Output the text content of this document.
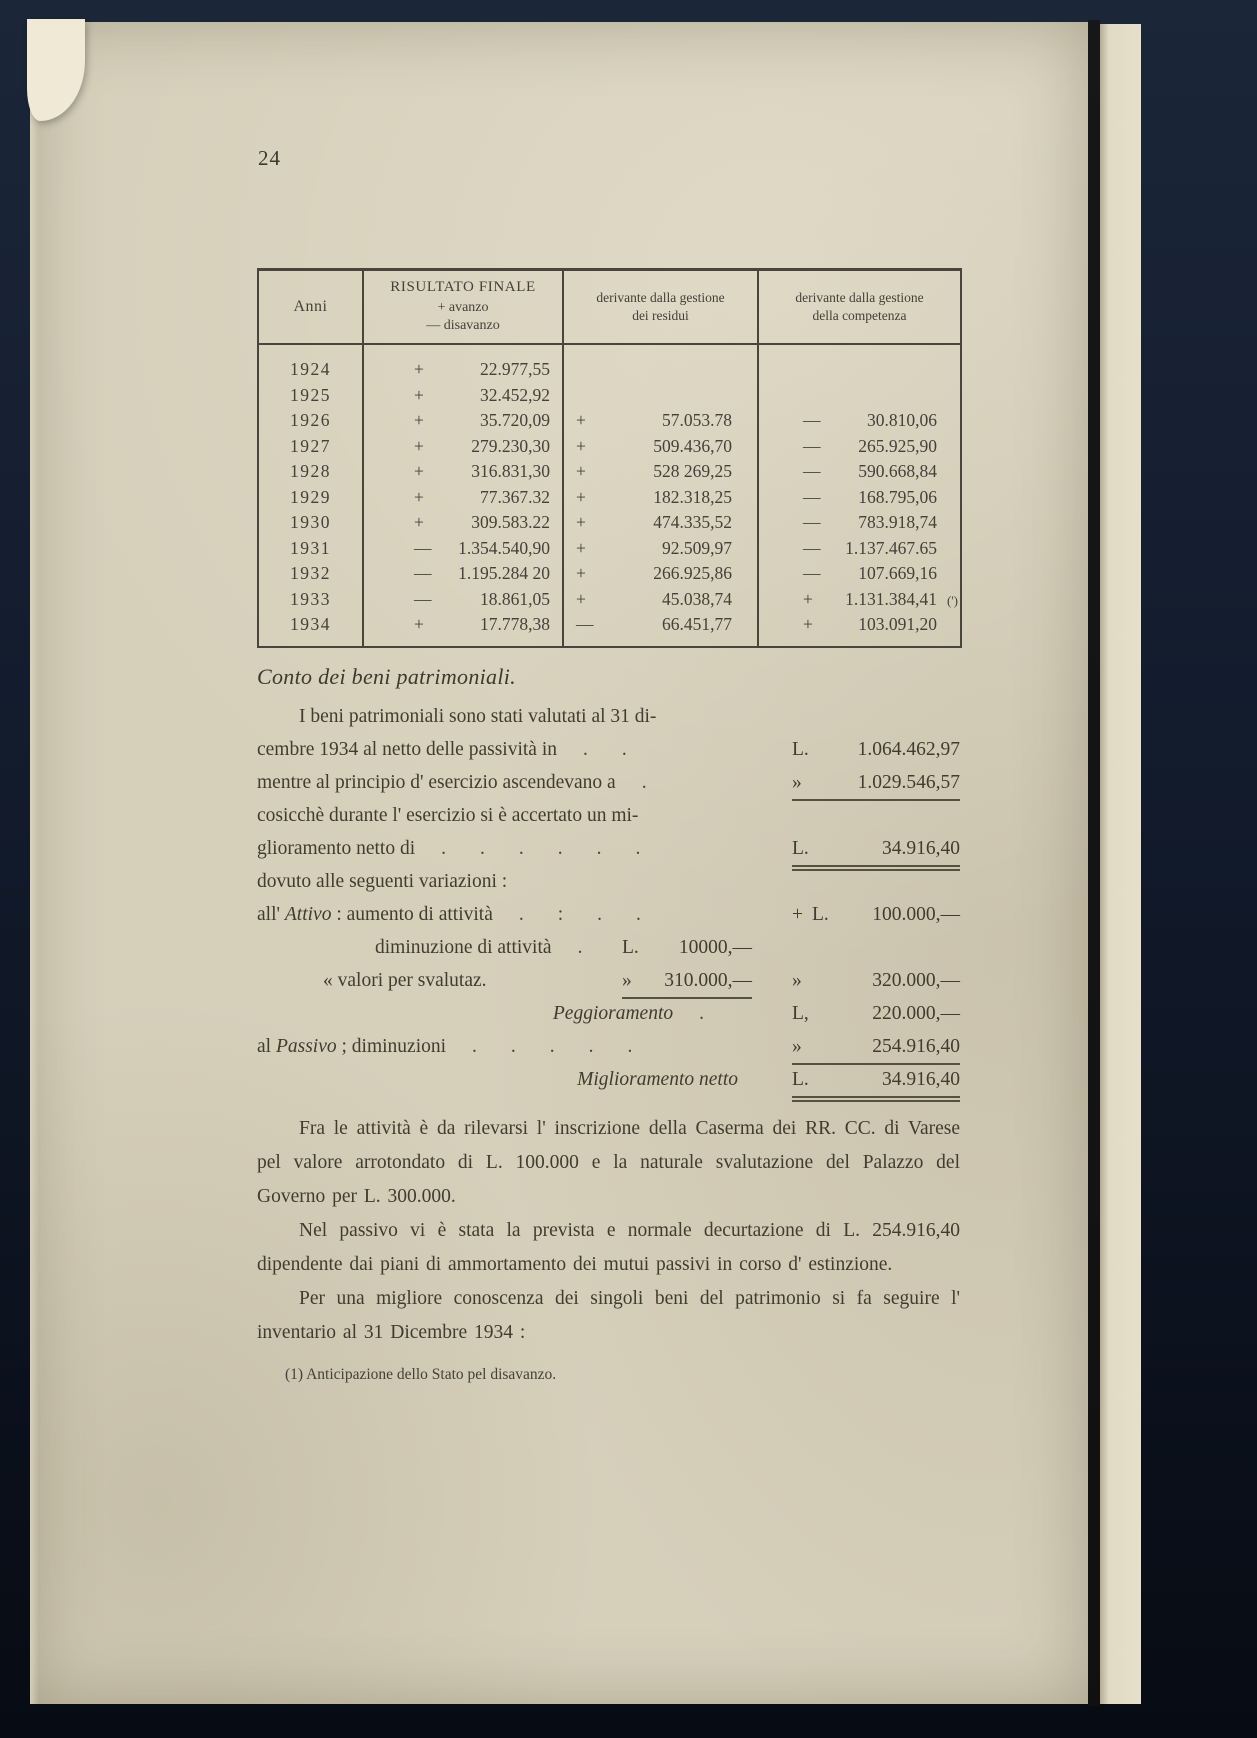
24
Anni	
RISULTATO FINALE
+ avanzo
— disavanzo

derivante dalla gestione
dei residui

derivante dalla gestione
della competenza

1924	+ 22.977,55		

1925	+ 32.452,92		

1926	+ 35.720,09	+ 57.053.78	— 30.810,06

1927	+ 279.230,30	+ 509.436,70	— 265.925,90

1928	+ 316.831,30	+ 528 269,25	— 590.668,84

1929	+ 77.367.32	+ 182.318,25	— 168.795,06

1930	+ 309.583.22	+ 474.335,52	— 783.918,74

1931	— 1.354.540,90	+ 92.509,97	— 1.137.467.65

1932	— 1.195.284 20	+ 266.925,86	— 107.669,16

1933	— 18.861,05	+ 45.038,74	+ 1.131.384,41 (')

1934	+ 17.778,38	— 66.451,77	+ 103.091,20
Conto dei beni patrimoniali.
I beni patrimoniali sono stati valutati al 31 di-
cembre 1934 al netto delle passività in ..	L.	1.064.462,97
mentre al principio d' esercizio ascendevano a .	»	1.029.546,57
cosicchè durante l' esercizio si è accertato un mi-
glioramento netto di ......	L.	34.916,40
dovuto alle seguenti variazioni :
all' Attivo : aumento di attività .:..	+ L. 100.000,—
diminuzione di attività . L. 10000,—
« valori per svalutaz.	» 310.000,— »	320.000,—
Peggioramento .	L,	220.000,—
al Passivo ; diminuzioni .....	»	254.916,40
Miglioramento netto	L.	34.916,40

Fra le attività è da rilevarsi l' inscrizione della Caserma dei RR. CC. di Varese pel valore arrotondato di L. 100.000 e la naturale svalutazione del Palazzo del Governo per L. 300.000.

Nel passivo vi è stata la prevista e normale decurtazione di L. 254.916,40 dipendente dai piani di ammortamento dei mutui passivi in corso d' estinzione.

Per una migliore conoscenza dei singoli beni del patrimonio si fa seguire l' inventario al 31 Dicembre 1934 :

(1) Anticipazione dello Stato pel disavanzo.
